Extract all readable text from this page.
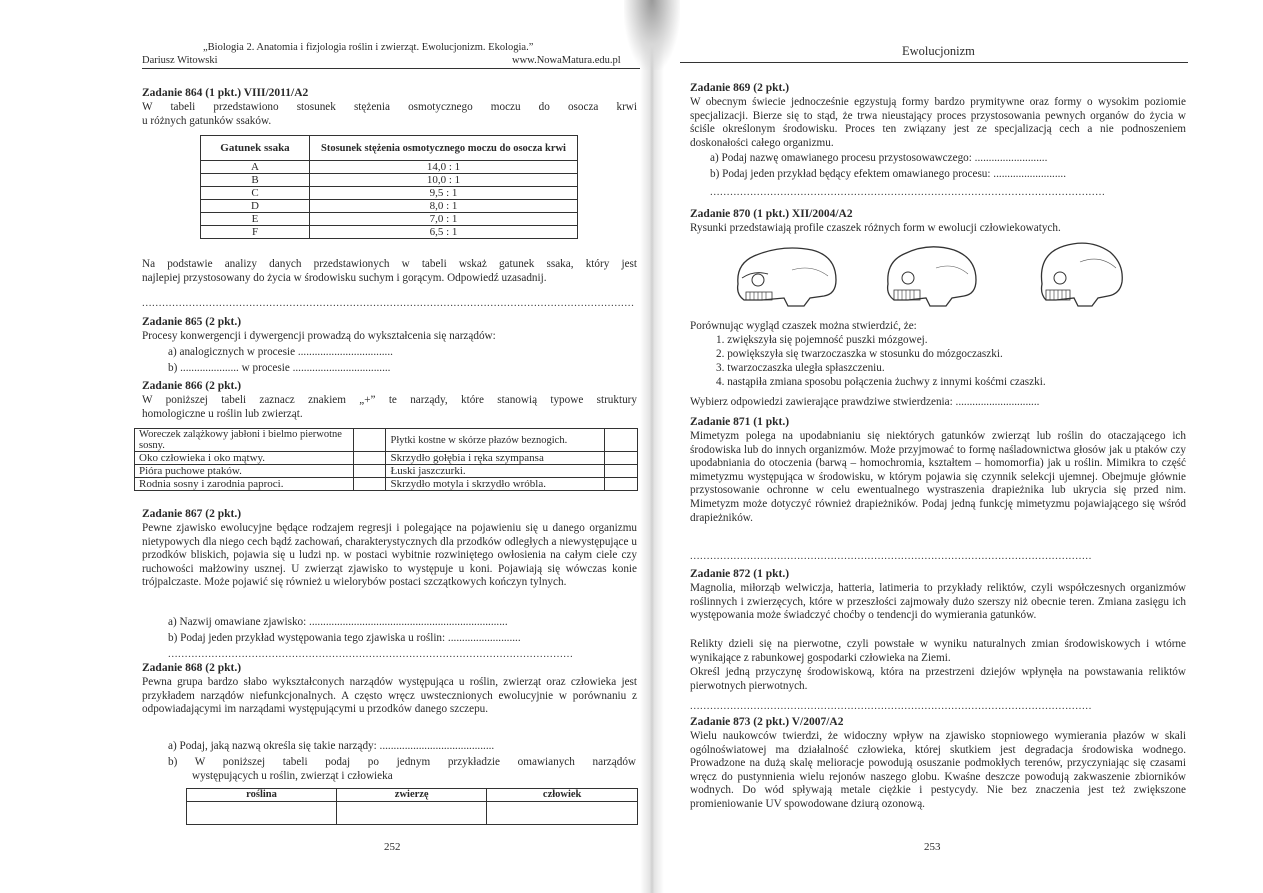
„Biologia 2. Anatomia i fizjologia roślin i zwierząt. Ewolucjonizm. Ekologia.”
Dariusz Witowski	www.NowaMatura.edu.pl
Zadanie 864 (1 pkt.) VIII/2011/A2
W tabeli przedstawiono stosunek stężenia osmotycznego moczu do osocza krwi
u różnych gatunków ssaków.
Gatunek ssaka	Stosunek stężenia osmotycznego moczu do osocza krwi
A	14,0 : 1
B	10,0 : 1
C	9,5 : 1
D	8,0 : 1
E	7,0 : 1
F	6,5 : 1
Na podstawie analizy danych przedstawionych w tabeli wskaż gatunek ssaka, który jest
najlepiej przystosowany do życia w środowisku suchym i gorącym. Odpowiedź uzasadnij.
...................................................................................................................................................
Zadanie 865 (2 pkt.)
Procesy konwergencji i dywergencji prowadzą do wykształcenia się narządów:
a) analogicznych w procesie ..................................
b) ..................... w procesie ...................................
Zadanie 866 (2 pkt.)
W poniższej tabeli zaznacz znakiem „+” te narządy, które stanowią typowe struktury
homologiczne u roślin lub zwierząt.
Woreczek zalążkowy jabłoni i bielmo pierwotne sosny.		Płytki kostne w skórze płazów beznogich.	
Oko człowieka i oko mątwy.		Skrzydło gołębia i ręka szympansa	
Pióra puchowe ptaków.		Łuski jaszczurki.	
Rodnia sosny i zarodnia paproci.		Skrzydło motyla i skrzydło wróbla.	
Zadanie 867 (2 pkt.)
Pewne zjawisko ewolucyjne będące rodzajem regresji i polegające na pojawieniu się u danego organizmu nietypowych dla niego cech bądź zachowań, charakterystycznych dla przodków odległych a niewystępujące u przodków bliskich, pojawia się u ludzi np. w postaci wybitnie rozwiniętego owłosienia na całym ciele czy ruchowości małżowiny usznej. U zwierząt zjawisko to występuje u koni. Pojawiają się wówczas konie trójpalczaste. Może pojawić się również u wielorybów postaci szczątkowych kończyn tylnych.
a) Nazwij omawiane zjawisko: .......................................................................
b) Podaj jeden przykład występowania tego zjawiska u roślin: ..........................
.........................................................................................................................
Zadanie 868 (2 pkt.)
Pewna grupa bardzo słabo wykształconych narządów występująca u roślin, zwierząt oraz człowieka jest przykładem narządów niefunkcjonalnych. A często wręcz uwstecznionych ewolucyjnie w porównaniu z odpowiadającymi im narządami występującymi u przodków danego szczepu.
a) Podaj, jaką nazwą określa się takie narządy: .........................................
b) W poniższej tabeli podaj po jednym przykładzie omawianych narządów
występujących u roślin, zwierząt i człowieka
roślina	zwierzę	człowiek

252
Ewolucjonizm
Zadanie 869 (2 pkt.)
W obecnym świecie jednocześnie egzystują formy bardzo prymitywne oraz formy o wysokim poziomie specjalizacji. Bierze się to stąd, że trwa nieustający proces przystosowania pewnych organów do życia w ściśle określonym środowisku. Proces ten związany jest ze specjalizacją cech a nie podnoszeniem doskonałości całego organizmu.
a) Podaj nazwę omawianego procesu przystosowawczego: ..........................
b) Podaj jeden przykład będący efektem omawianego procesu: ..........................
......................................................................................................................
Zadanie 870 (1 pkt.) XII/2004/A2
Rysunki przedstawiają profile czaszek różnych form w ewolucji człowiekowatych.
Porównując wygląd czaszek można stwierdzić, że:
1. zwiększyła się pojemność puszki mózgowej.
2. powiększyła się twarzoczaszka w stosunku do mózgoczaszki.
3. twarzoczaszka uległa spłaszczeniu.
4. nastąpiła zmiana sposobu połączenia żuchwy z innymi kośćmi czaszki.
Wybierz odpowiedzi zawierające prawdziwe stwierdzenia: ..............................
Zadanie 871 (1 pkt.)
Mimetyzm polega na upodabnianiu się niektórych gatunków zwierząt lub roślin do otaczającego ich środowiska lub do innych organizmów. Może przyjmować to formę naśladownictwa głosów jak u ptaków czy upodabniania do otoczenia (barwą – homochromia, kształtem – homomorfia) jak u roślin. Mimikra to część mimetyzmu występująca w środowisku, w którym pojawia się czynnik selekcji ujemnej. Obejmuje głównie przystosowanie ochronne w celu ewentualnego wystraszenia drapieżnika lub ukrycia się przed nim. Mimetyzm może dotyczyć również drapieżników. Podaj jedną funkcję mimetyzmu pojawiającego się wśród drapieżników.
........................................................................................................................
Zadanie 872 (1 pkt.)
Magnolia, miłorząb welwiczja, hatteria, latimeria to przykłady reliktów, czyli współczesnych organizmów roślinnych i zwierzęcych, które w przeszłości zajmowały dużo szerszy niż obecnie teren. Zmiana zasięgu ich występowania może świadczyć choćby o tendencji do wymierania gatunków.
Relikty dzieli się na pierwotne, czyli powstałe w wyniku naturalnych zmian środowiskowych i wtórne wynikające z rabunkowej gospodarki człowieka na Ziemi.
Określ jedną przyczynę środowiskową, która na przestrzeni dziejów wpłynęła na powstawania reliktów pierwotnych pierwotnych.
........................................................................................................................
Zadanie 873 (2 pkt.) V/2007/A2
Wielu naukowców twierdzi, że widoczny wpływ na zjawisko stopniowego wymierania płazów w skali ogólnoświatowej ma działalność człowieka, której skutkiem jest degradacja środowiska wodnego. Prowadzone na dużą skalę melioracje powodują osuszanie podmokłych terenów, przyczyniając się czasami wręcz do pustynnienia wielu rejonów naszego globu. Kwaśne deszcze powodują zakwaszenie zbiorników wodnych. Do wód spływają metale ciężkie i pestycydy. Nie bez znaczenia jest też zwiększone promieniowanie UV spowodowane dziurą ozonową.
253
